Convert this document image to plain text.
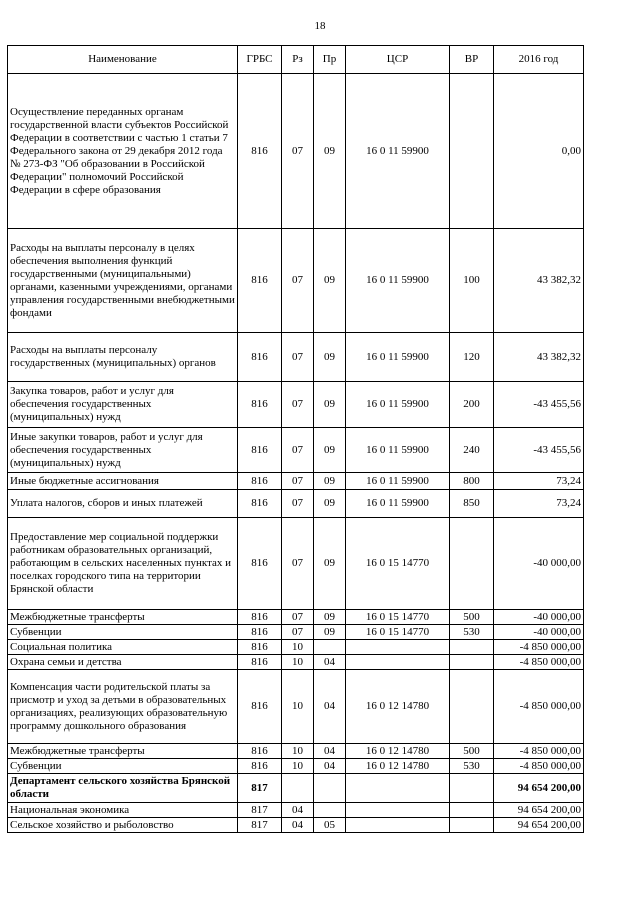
18
Наименование	ГРБС	Рз	Пр	ЦСР	ВР	2016 год
Осуществление переданных органам государственной власти субъектов Российской Федерации в соответствии с частью 1 статьи 7 Федерального закона от 29 декабря 2012 года № 273-ФЗ "Об образовании в Российской Федерации" полномочий Российской Федерации в сфере образования	816	07	09	16 0 11 59900		0,00
Расходы на выплаты персоналу в целях обеспечения выполнения функций государственными (муниципальными) органами, казенными учреждениями, органами управления государственными внебюджетными фондами	816	07	09	16 0 11 59900	100	43 382,32
Расходы на выплаты персоналу государственных (муниципальных) органов	816	07	09	16 0 11 59900	120	43 382,32
Закупка товаров, работ и услуг для обеспечения государственных (муниципальных) нужд	816	07	09	16 0 11 59900	200	-43 455,56
Иные закупки товаров, работ и услуг для обеспечения государственных (муниципальных) нужд	816	07	09	16 0 11 59900	240	-43 455,56
Иные бюджетные ассигнования	816	07	09	16 0 11 59900	800	73,24
Уплата налогов, сборов и иных платежей	816	07	09	16 0 11 59900	850	73,24
Предоставление мер социальной поддержки работникам образовательных организаций, работающим в сельских населенных пунктах и поселках городского типа на территории Брянской области	816	07	09	16 0 15 14770		-40 000,00
Межбюджетные трансферты	816	07	09	16 0 15 14770	500	-40 000,00
Субвенции	816	07	09	16 0 15 14770	530	-40 000,00
Социальная политика	816	10				-4 850 000,00
Охрана семьи и детства	816	10	04			-4 850 000,00
Компенсация части родительской платы за присмотр и уход за детьми в образовательных организациях, реализующих образовательную программу дошкольного образования	816	10	04	16 0 12 14780		-4 850 000,00
Межбюджетные трансферты	816	10	04	16 0 12 14780	500	-4 850 000,00
Субвенции	816	10	04	16 0 12 14780	530	-4 850 000,00
Департамент сельского хозяйства Брянской области	817					94 654 200,00
Национальная экономика	817	04				94 654 200,00
Сельское хозяйство и рыболовство	817	04	05			94 654 200,00
